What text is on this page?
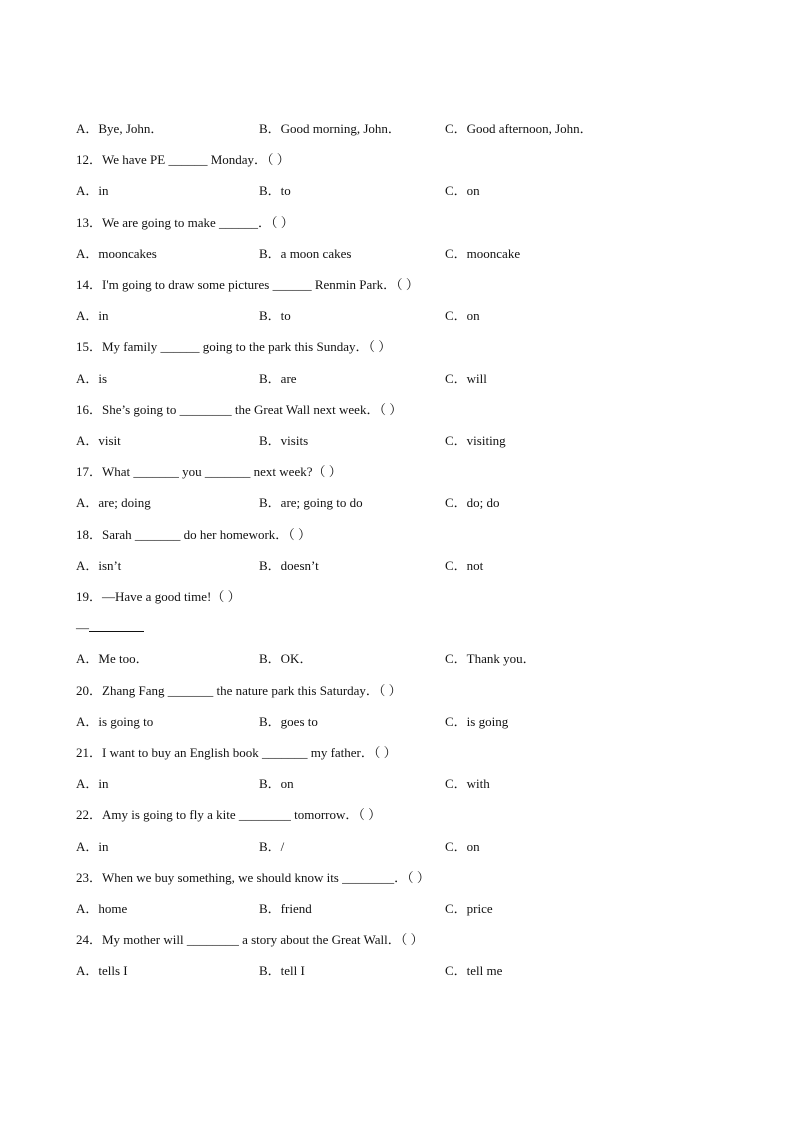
A．Bye, John．	B．Good morning, John．	C．Good afternoon, John．
12．We have PE ______ Monday．（ ）
A．in	B．to	C．on
13．We are going to make ______．（ ）
A．mooncakes	B．a moon cakes	C．mooncake
14．I'm going to draw some pictures ______ Renmin Park．（ ）
A．in	B．to	C．on
15．My family ______ going to the park this Sunday．（ ）
A．is	B．are	C．will
16．She’s going to ________ the Great Wall next week．（ ）
A．visit	B．visits	C．visiting
17．What _______ you _______ next week?（ ）
A．are; doing	B．are; going to do	C．do; do
18．Sarah _______ do her homework．（ ）
A．isn’t	B．doesn’t	C．not
19．—Have a good time!（ ）
—
A．Me too．	B．OK．	C．Thank you．
20．Zhang Fang _______ the nature park this Saturday．（ ）
A．is going to	B．goes to	C．is going
21．I want to buy an English book _______ my father．（ ）
A．in	B．on	C．with
22．Amy is going to fly a kite ________ tomorrow．（ ）
A．in	B．/	C．on
23．When we buy something, we should know its ________．（ ）
A．home	B．friend	C．price
24．My mother will ________ a story about the Great Wall．（ ）
A．tells I	B．tell I	C．tell me
